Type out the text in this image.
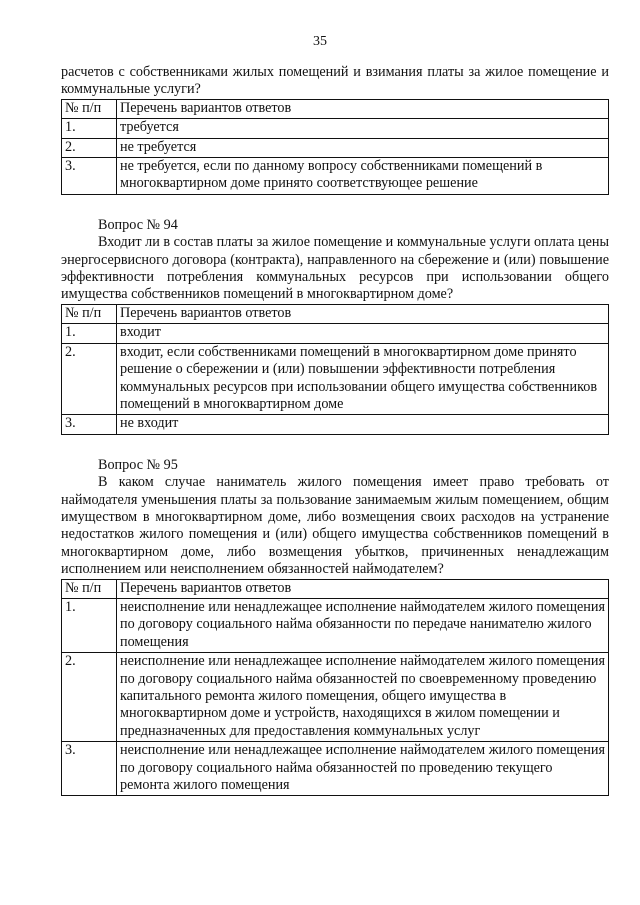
35

расчетов с собственниками жилых помещений и взимания платы за жилое помещение и коммунальные услуги?

№ п/п	Перечень вариантов ответов
1.	требуется
2.	не требуется
3.	не требуется, если по данному вопросу собственниками помещений в многоквартирном доме принято соответствующее решение

Вопрос № 94

Входит ли в состав платы за жилое помещение и коммунальные услуги оплата цены энергосервисного договора (контракта), направленного на сбережение и (или) повышение эффективности потребления коммунальных ресурсов при использовании общего имущества собственников помещений в многоквартирном доме?

№ п/п	Перечень вариантов ответов
1.	входит
2.	входит, если собственниками помещений в многоквартирном доме принято решение о сбережении и (или) повышении эффективности потребления коммунальных ресурсов при использовании общего имущества собственников помещений в многоквартирном доме
3.	не входит

Вопрос № 95

В каком случае наниматель жилого помещения имеет право требовать от наймодателя уменьшения платы за пользование занимаемым жилым помещением, общим имуществом в многоквартирном доме, либо возмещения своих расходов на устранение недостатков жилого помещения и (или) общего имущества собственников помещений в многоквартирном доме, либо возмещения убытков, причиненных ненадлежащим исполнением или неисполнением обязанностей наймодателем?

№ п/п	Перечень вариантов ответов
1.	неисполнение или ненадлежащее исполнение наймодателем жилого помещения по договору социального найма обязанности по передаче нанимателю жилого помещения
2.	неисполнение или ненадлежащее исполнение наймодателем жилого помещения по договору социального найма обязанностей по своевременному проведению капитального ремонта жилого помещения, общего имущества в многоквартирном доме и устройств, находящихся в жилом помещении и предназначенных для предоставления коммунальных услуг
3.	неисполнение или ненадлежащее исполнение наймодателем жилого помещения по договору социального найма обязанностей по проведению текущего ремонта жилого помещения
